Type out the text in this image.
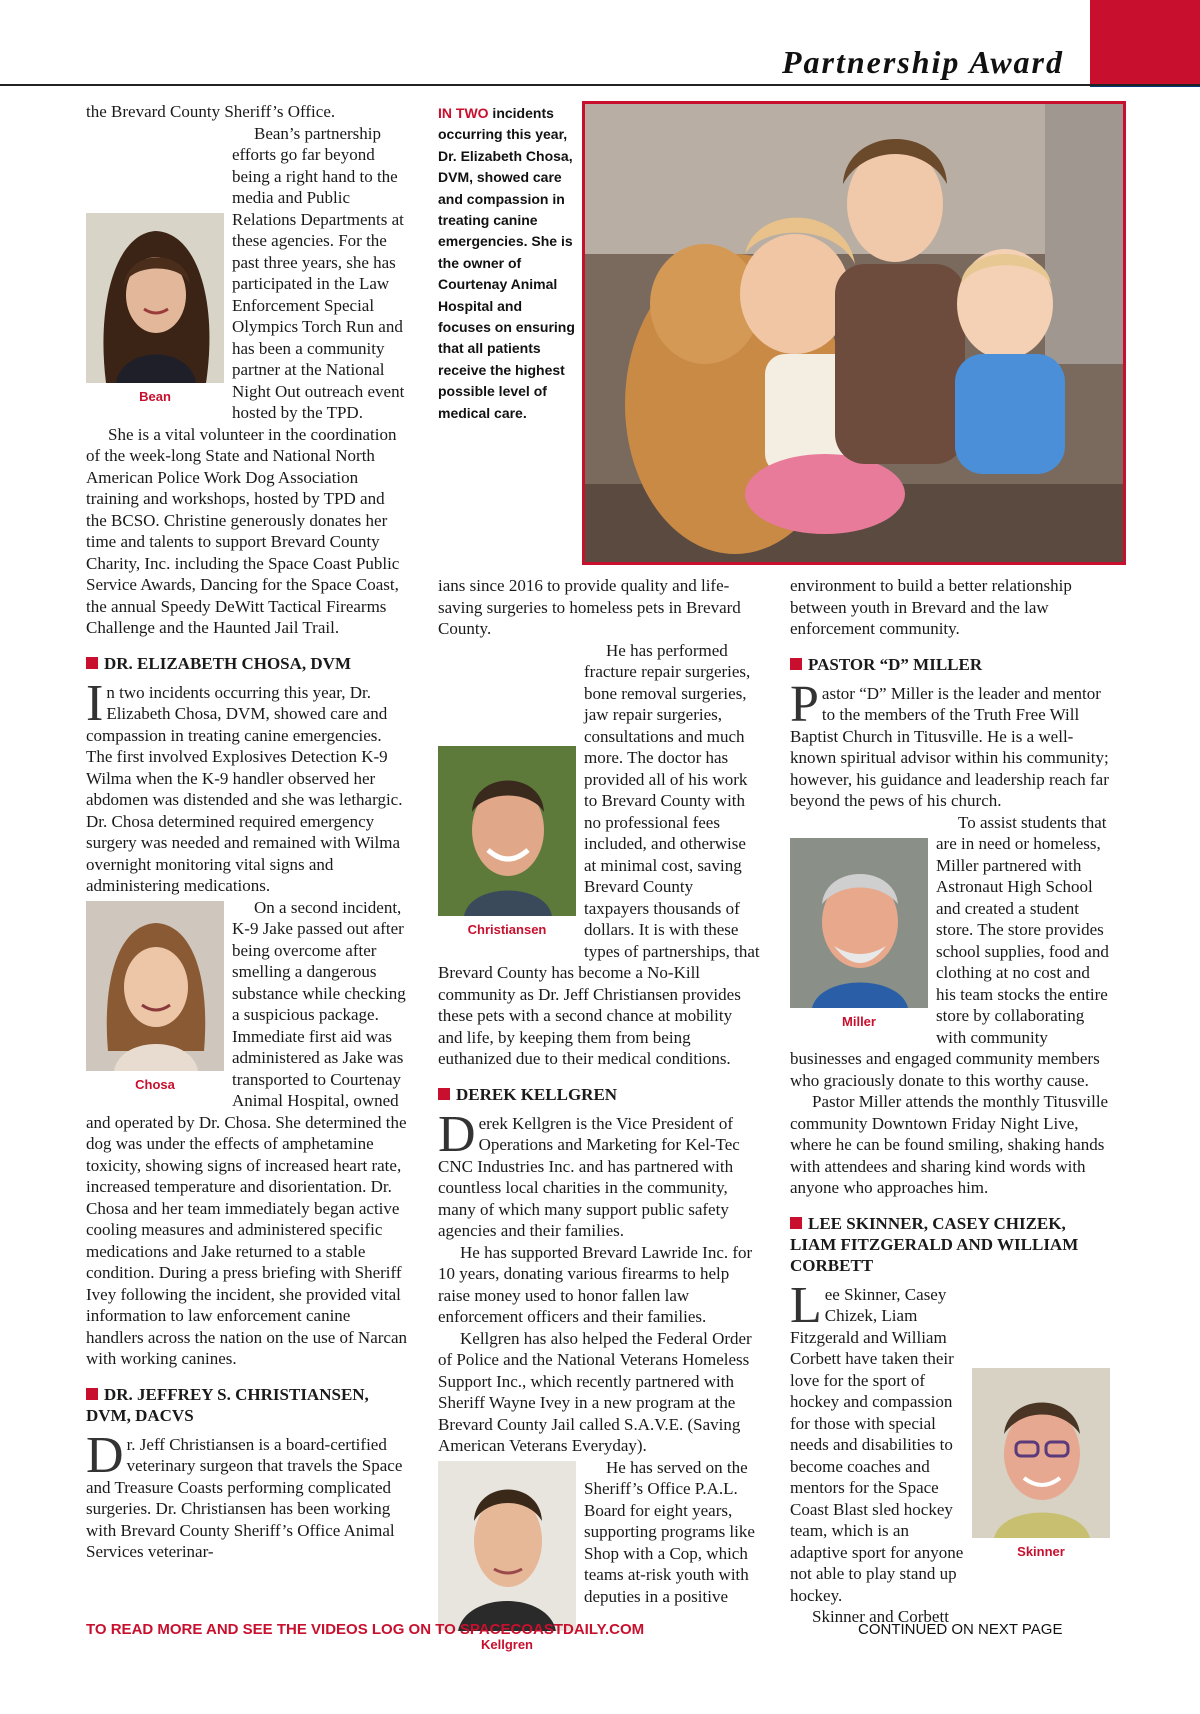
Partnership Award

the Brevard County Sheriff’s Office.

Bean

Bean’s partnership efforts go far beyond being a right hand to the media and Public Relations Departments at these agencies. For the past three years, she has participated in the Law Enforcement Special Olympics Torch Run and has been a community partner at the National Night Out outreach event hosted by the TPD.

She is a vital volunteer in the coordination of the week-long State and National North American Police Work Dog Association training and workshops, hosted by TPD and the BCSO. Christine generously donates her time and talents to support Brevard County Charity, Inc. including the Space Coast Public Service Awards, Dancing for the Space Coast, the annual Speedy DeWitt Tactical Firearms Challenge and the Haunted Jail Trail.

DR. ELIZABETH CHOSA, DVM

In two incidents occurring this year, Dr. Elizabeth Chosa, DVM, showed care and compassion in treating canine emergencies. The first involved Explosives Detection K-9 Wilma when the K-9 handler observed her abdomen was distended and she was lethargic. Dr. Chosa determined required emergency surgery was needed and remained with Wilma overnight monitoring vital signs and administering medications.

Chosa

On a second incident, K-9 Jake passed out after being overcome after smelling a dangerous substance while checking a suspicious package. Immediate first aid was administered as Jake was transported to Courtenay Animal Hospital, owned and operated by Dr. Chosa. She determined the dog was under the effects of amphetamine toxicity, showing signs of increased heart rate, increased temperature and disorientation. Dr. Chosa and her team immediately began active cooling measures and administered specific medications and Jake returned to a stable condition. During a press briefing with Sheriff Ivey following the incident, she provided vital information to law enforcement canine handlers across the nation on the use of Narcan with working canines.

DR. JEFFREY S. CHRISTIANSEN, DVM, DACVS

Dr. Jeff Christiansen is a board-certified veterinary surgeon that travels the Space and Treasure Coasts performing complicated surgeries. Dr. Christiansen has been working with Brevard County Sheriff’s Office Animal Services veterinar-

IN TWO incidents occurring this year, Dr. Elizabeth Chosa, DVM, showed care and compassion in treating canine emergencies. She is the owner of Courtenay Animal Hospital and focuses on ensuring that all patients receive the highest possible level of medical care.

ians since 2016 to provide quality and life-saving surgeries to homeless pets in Brevard County.

Christiansen

He has performed fracture repair surgeries, bone removal surgeries, jaw repair surgeries, consultations and much more. The doctor has provided all of his work to Brevard County with no professional fees included, and otherwise at minimal cost, saving Brevard County taxpayers thousands of dollars. It is with these types of partnerships, that Brevard County has become a No-Kill community as Dr. Jeff Christiansen provides these pets with a second chance at mobility and life, by keeping them from being euthanized due to their medical conditions.

DEREK KELLGREN

Derek Kellgren is the Vice President of Operations and Marketing for Kel-Tec CNC Industries Inc. and has partnered with countless local charities in the community, many of which many support public safety agencies and their families.

He has supported Brevard Lawride Inc. for 10 years, donating various firearms to help raise money used to honor fallen law enforcement officers and their families.

Kellgren has also helped the Federal Order of Police and the National Veterans Homeless Support Inc., which recently partnered with Sheriff Wayne Ivey in a new program at the Brevard County Jail called S.A.V.E. (Saving American Veterans Everyday).

Kellgren

He has served on the Sheriff’s Office P.A.L. Board for eight years, supporting programs like Shop with a Cop, which teams at-risk youth with deputies in a positive

environment to build a better relationship between youth in Brevard and the law enforcement community.

PASTOR “D” MILLER

Pastor “D” Miller is the leader and mentor to the members of the Truth Free Will Baptist Church in Titusville. He is a well-known spiritual advisor within his community; however, his guidance and leadership reach far beyond the pews of his church.

Miller

To assist students that are in need or homeless, Miller partnered with Astronaut High School and created a student store. The store provides school supplies, food and clothing at no cost and his team stocks the entire store by collaborating with community businesses and engaged community members who graciously donate to this worthy cause.

Pastor Miller attends the monthly Titusville community Downtown Friday Night Live, where he can be found smiling, shaking hands with attendees and sharing kind words with anyone who approaches him.

LEE SKINNER, CASEY CHIZEK, LIAM FITZGERALD AND WILLIAM CORBETT
Skinner

Lee Skinner, Casey Chizek, Liam Fitzgerald and William Corbett have taken their love for the sport of hockey and compassion for those with special needs and disabilities to become coaches and mentors for the Space Coast Blast sled hockey team, which is an adaptive sport for anyone not able to play stand up hockey.

Skinner and Corbett

TO READ MORE AND SEE THE VIDEOS LOG ON TO SPACECOASTDAILY.COM	CONTINUED ON NEXT PAGE
